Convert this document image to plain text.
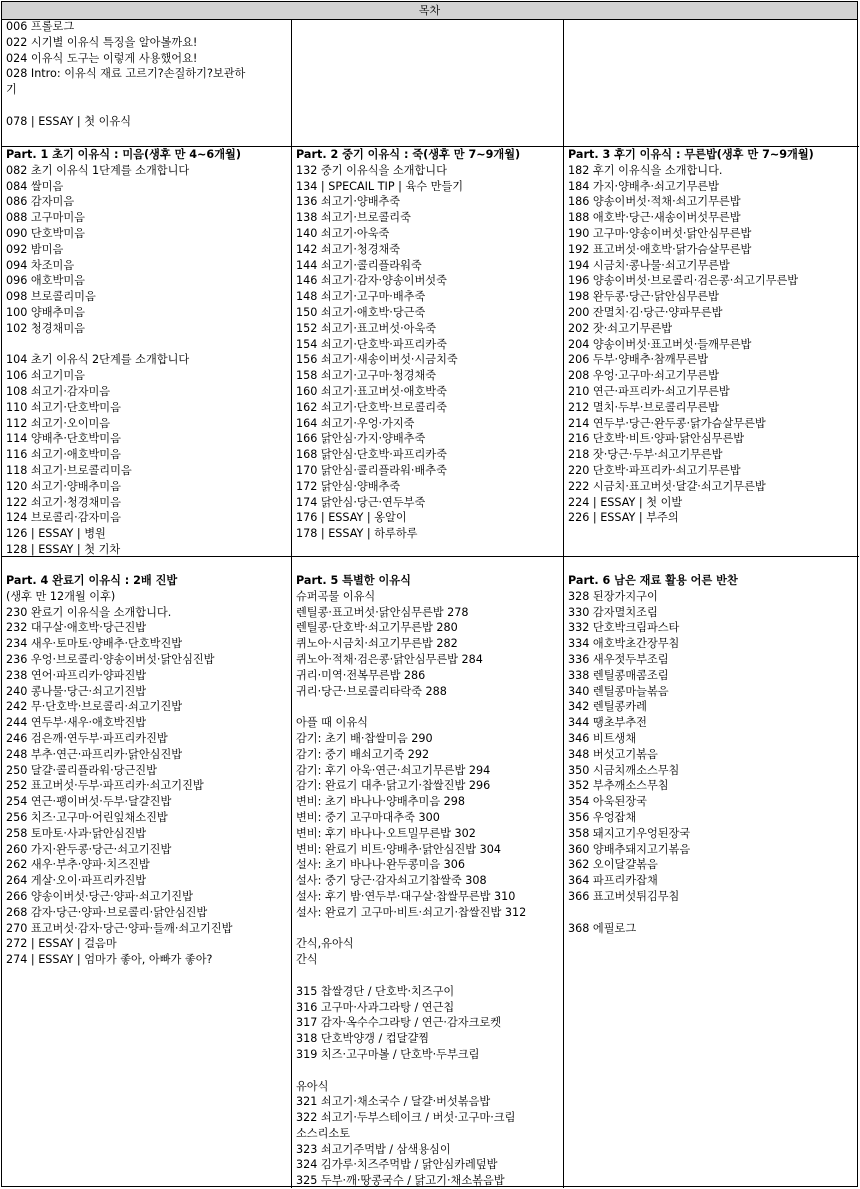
목차
006 프롤로그
022 시기별 이유식 특징을 알아볼까요!
024 이유식 도구는 이렇게 사용했어요!
028 Intro: 이유식 재료 고르기?손질하기?보관하
기
078 | ESSAY | 첫 이유식
Part. 1 초기 이유식 : 미음(생후 만 4~6개월)
082 초기 이유식 1단계를 소개합니다
084 쌀미음
086 감자미음
088 고구마미음
090 단호박미음
092 밤미음
094 차조미음
096 애호박미음
098 브로콜리미음
100 양배추미음
102 청경채미음
104 초기 이유식 2단계를 소개합니다
106 쇠고기미음
108 쇠고기·감자미음
110 쇠고기·단호박미음
112 쇠고기·오이미음
114 양배추·단호박미음
116 쇠고기·애호박미음
118 쇠고기·브로콜리미음
120 쇠고기·양배추미음
122 쇠고기·청경채미음
124 브로콜리·감자미음
126 | ESSAY | 병원
128 | ESSAY | 첫 기차
Part. 2 중기 이유식 : 죽(생후 만 7~9개월)
132 중기 이유식을 소개합니다
134 | SPECAIL TIP | 육수 만들기
136 쇠고기·양배추죽
138 쇠고기·브로콜리죽
140 쇠고기·아욱죽
142 쇠고기·청경채죽
144 쇠고기·콜리플라워죽
146 쇠고기·감자·양송이버섯죽
148 쇠고기·고구마·배추죽
150 쇠고기·애호박·당근죽
152 쇠고기·표고버섯·아욱죽
154 쇠고기·단호박·파프리카죽
156 쇠고기·새송이버섯·시금치죽
158 쇠고기·고구마·청경채죽
160 쇠고기·표고버섯·애호박죽
162 쇠고기·단호박·브로콜리죽
164 쇠고기·우엉·가지죽
166 닭안심·가지·양배추죽
168 닭안심·단호박·파프리카죽
170 닭안심·콜리플라워·배추죽
172 닭안심·양배추죽
174 닭안심·당근·연두부죽
176 | ESSAY | 옹알이
178 | ESSAY | 하루하루
Part. 3 후기 이유식 : 무른밥(생후 만 7~9개월)
182 후기 이유식을 소개합니다.
184 가지·양배추·쇠고기무른밥
186 양송이버섯·적채·쇠고기무른밥
188 애호박·당근·새송이버섯무른밥
190 고구마·양송이버섯·닭안심무른밥
192 표고버섯·애호박·닭가슴살무른밥
194 시금치·콩나물·쇠고기무른밥
196 양송이버섯·브로콜리·검은콩·쇠고기무른밥
198 완두콩·당근·닭안심무른밥
200 잔멸치·김·당근·양파무른밥
202 잣·쇠고기무른밥
204 양송이버섯·표고버섯·들깨무른밥
206 두부·양배추·참깨무른밥
208 우엉·고구마·쇠고기무른밥
210 연근·파프리카·쇠고기무른밥
212 멸치·두부·브로콜리무른밥
214 연두부·당근·완두콩·닭가슴살무른밥
216 단호박·비트·양파·닭안심무른밥
218 잣·당근·두부·쇠고기무른밥
220 단호박·파프리카·쇠고기무른밥
222 시금치·표고버섯·달걀·쇠고기무른밥
224 | ESSAY | 첫 이발
226 | ESSAY | 부주의
Part. 4 완료기 이유식 : 2배 진밥
(생후 만 12개월 이후)
230 완료기 이유식을 소개합니다.
232 대구살·애호박·당근진밥
234 새우·토마토·양배추·단호박진밥
236 우엉·브로콜리·양송이버섯·닭안심진밥
238 연어·파프리카·양파진밥
240 콩나물·당근·쇠고기진밥
242 무·단호박·브로콜리·쇠고기진밥
244 연두부·새우·애호박진밥
246 검은깨·연두부·파프리카진밥
248 부추·연근·파프리카·닭안심진밥
250 달걀·콜리플라워·당근진밥
252 표고버섯·두부·파프리카·쇠고기진밥
254 연근·팽이버섯·두부·달걀진밥
256 치즈·고구마·어린잎채소진밥
258 토마토·사과·닭안심진밥
260 가지·완두콩·당근·쇠고기진밥
262 새우·부추·양파·치즈진밥
264 게살·오이·파프리카진밥
266 양송이버섯·당근·양파·쇠고기진밥
268 감자·당근·양파·브로콜리·닭안심진밥
270 표고버섯·감자·당근·양파·들깨·쇠고기진밥
272 | ESSAY | 걸음마
274 | ESSAY | 엄마가 좋아, 아빠가 좋아?
Part. 5 특별한 이유식
슈퍼곡물 이유식
렌틸콩·표고버섯·닭안심무른밥 278
렌틸콩·단호박·쇠고기무른밥 280
퀴노아·시금치·쇠고기무른밥 282
퀴노아·적채·검은콩·닭안심무른밥 284
귀리·미역·전복무른밥 286
귀리·당근·브로콜리타락죽 288
아플 때 이유식
감기: 초기 배·찹쌀미음 290
감기: 중기 배쇠고기죽 292
감기: 후기 아욱·연근·쇠고기무른밥 294
감기: 완료기 대추·닭고기·찹쌀진밥 296
변비: 초기 바나나·양배추미음 298
변비: 중기 고구마대추죽 300
변비: 후기 바나나·오트밀무른밥 302
변비: 완료기 비트·양배추·닭안심진밥 304
설사: 초기 바나나·완두콩미음 306
설사: 중기 당근·감자쇠고기찹쌀죽 308
설사: 후기 밤·연두부·대구살·찹쌀무른밥 310
설사: 완료기 고구마·비트·쇠고기·찹쌀진밥 312
간식,유아식
간식
315 찹쌀경단 / 단호박·치즈구이
316 고구마·사과그라탕 / 연근칩
317 감자·옥수수그라탕 / 연근·감자크로켓
318 단호박양갱 / 컵달걀찜
319 치즈·고구마볼 / 단호박·두부크림
유아식
321 쇠고기·채소국수 / 달걀·버섯볶음밥
322 쇠고기·두부스테이크 / 버섯·고구마·크림
소스리소토
323 쇠고기주먹밥 / 삼색용심이
324 김가루·치즈주먹밥 / 닭안심카레덮밥
325 두부·깨·땅콩국수 / 닭고기·채소볶음밥
Part. 6 남은 재료 활용 어른 반찬
328 된장가지구이
330 감자멸치조림
332 단호박크림파스타
334 애호박초간장무침
336 새우젓두부조림
338 렌틸콩매콤조림
340 렌틸콩마늘볶음
342 렌틸콩카레
344 땡초부추전
346 비트생채
348 버섯고기볶음
350 시금치깨소스무침
352 부추깨소스무침
354 아욱된장국
356 우엉잡채
358 돼지고기우엉된장국
360 양배추돼지고기볶음
362 오이달걀볶음
364 파프리카잡채
366 표고버섯튀김무침
368 에필로그
